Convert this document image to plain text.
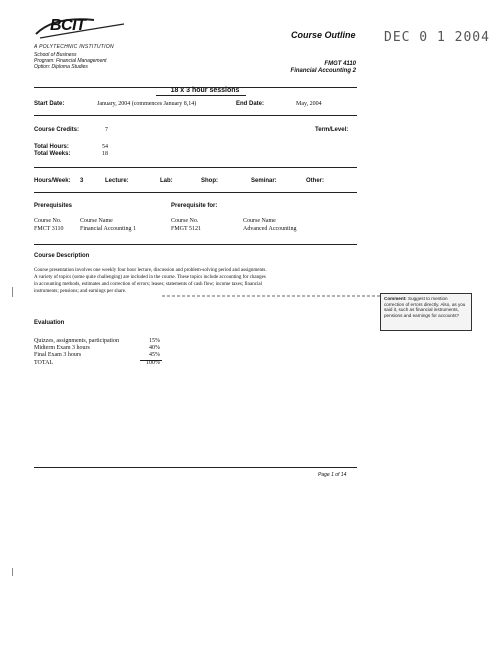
BCIT
A POLYTECHNIC INSTITUTION
School of Business
Program: Financial Management
Option: Diploma Studies
Course Outline DEC 0 1 2004
FMGT 4110
Financial Accounting 2
18 x 3 hour sessions
Start Date:	January, 2004 (commences January 8,14)	End Date:	May, 2004
Course Credits:	7	Term/Level:
Total Hours:	54
Total Weeks:	18
Hours/Week: 3	Lecture:	Lab:	Shop:	Seminar:	Other:
Prerequisites
Course No.	Course Name
FMCT 3110	Financial Accounting 1
Prerequisite for:
Course No.	Course Name
FMGT 5121	Advanced Accounting
Course Description
Course presentation involves one weekly four hour lecture, discussion and problem-solving period and assignments.
A variety of topics (some quite challenging) are included in the course. These topics include accounting for changes
in accounting methods, estimates and correction of errors; leases; statements of cash flow; income taxes; financial
instruments; pensions; and earnings per share.
Comment: Suggest to mention correction of errors directly. Also, as you said it, such as financial instruments, pensions and earnings for accounts?
Evaluation
Quizzes, assignments, participation	15%
Midterm Exam 3 hours	40%
Final Exam 3 hours	45%
TOTAL	100%
Page 1 of 14
